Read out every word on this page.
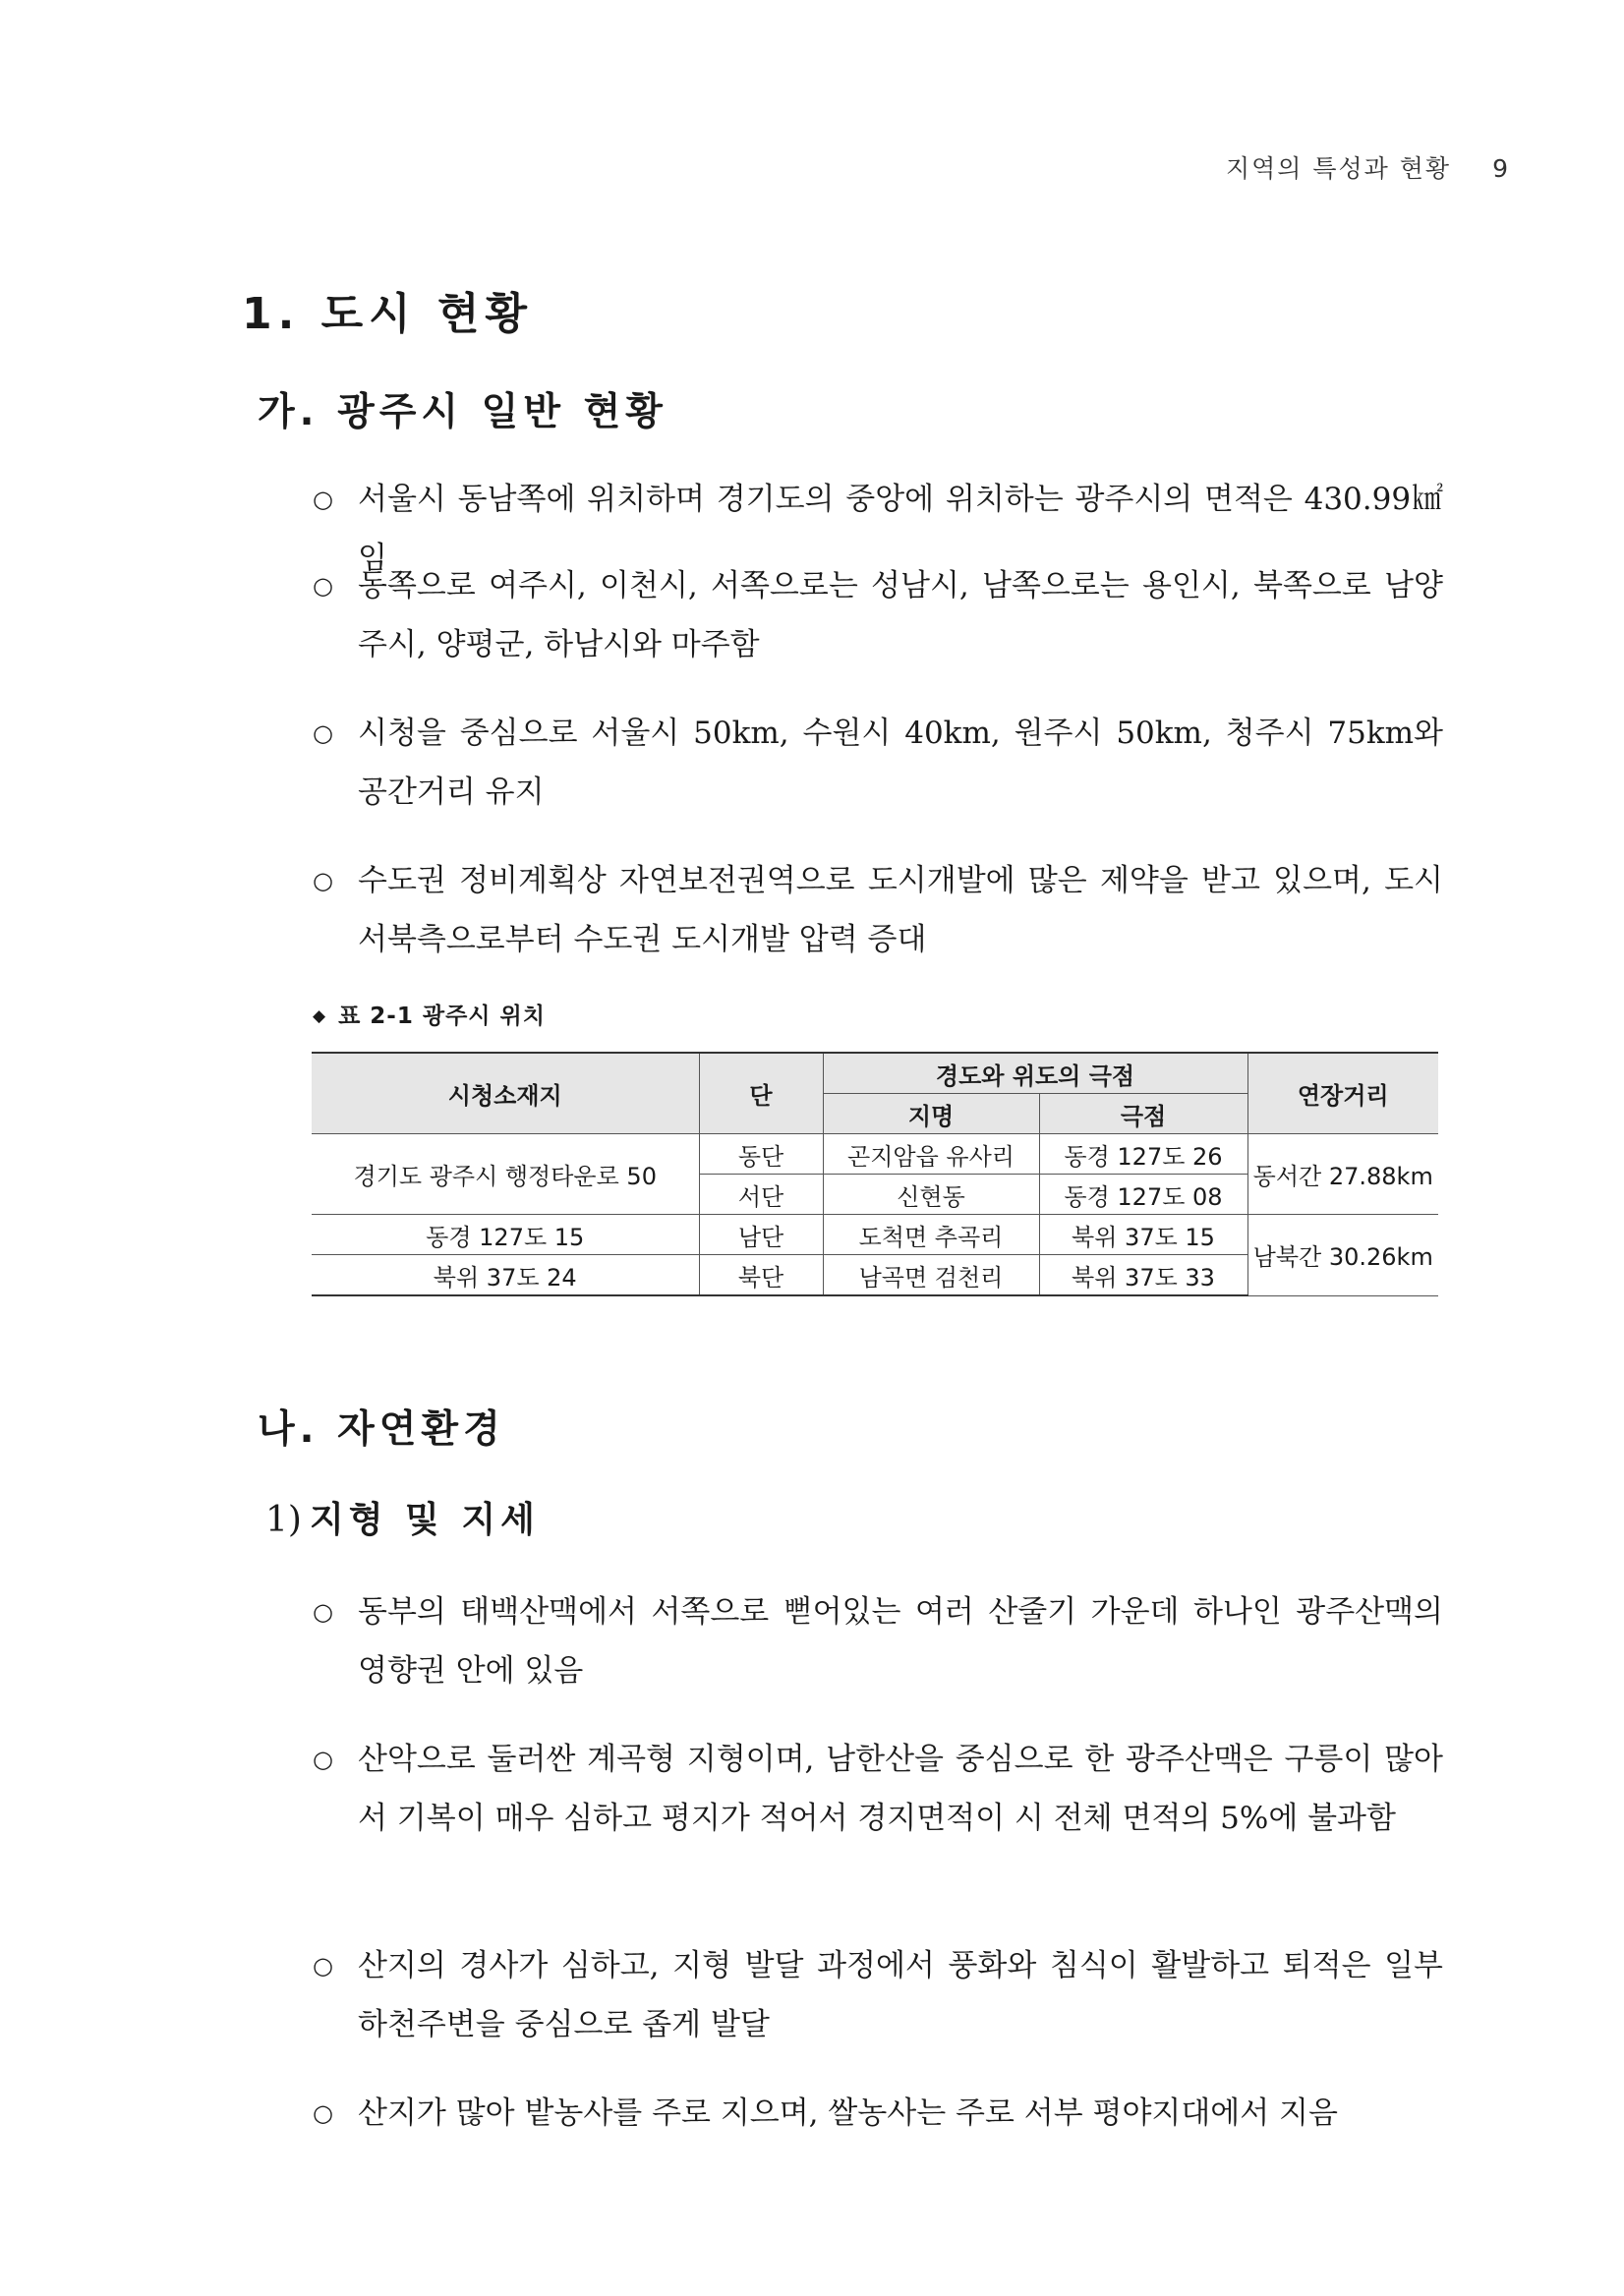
지역의 특성과 현황 9
1. 도시 현황
가. 광주시 일반 현황
○ 서울시 동남쪽에 위치하며 경기도의 중앙에 위치하는 광주시의 면적은 430.99㎢임
○ 동쪽으로 여주시, 이천시, 서쪽으로는 성남시, 남쪽으로는 용인시, 북쪽으로 남양주시, 양평군, 하남시와 마주함
○ 시청을 중심으로 서울시 50km, 수원시 40km, 원주시 50km, 청주시 75km와 공간거리 유지
○ 수도권 정비계획상 자연보전권역으로 도시개발에 많은 제약을 받고 있으며, 도시 서북측으로부터 수도권 도시개발 압력 증대
◆ 표 2-1 광주시 위치
시청소재지	단	경도와 위도의 극점		연장거리
		지명	극점	
경기도 광주시 행정타운로 50	동단	곤지암읍 유사리	동경 127도 26	동서간 27.88km
	서단	신현동	동경 127도 08	
동경 127도 15	남단	도척면 추곡리	북위 37도 15	남북간 30.26km
북위 37도 24	북단	남곡면 검천리	북위 37도 33	
나. 자연환경
1) 지형 및 지세
○ 동부의 태백산맥에서 서쪽으로 뻗어있는 여러 산줄기 가운데 하나인 광주산맥의 영향권 안에 있음
○ 산악으로 둘러싼 계곡형 지형이며, 남한산을 중심으로 한 광주산맥은 구릉이 많아서 기복이 매우 심하고 평지가 적어서 경지면적이 시 전체 면적의 5%에 불과함
○ 산지의 경사가 심하고, 지형 발달 과정에서 풍화와 침식이 활발하고 퇴적은 일부 하천주변을 중심으로 좁게 발달
○ 산지가 많아 밭농사를 주로 지으며, 쌀농사는 주로 서부 평야지대에서 지음
